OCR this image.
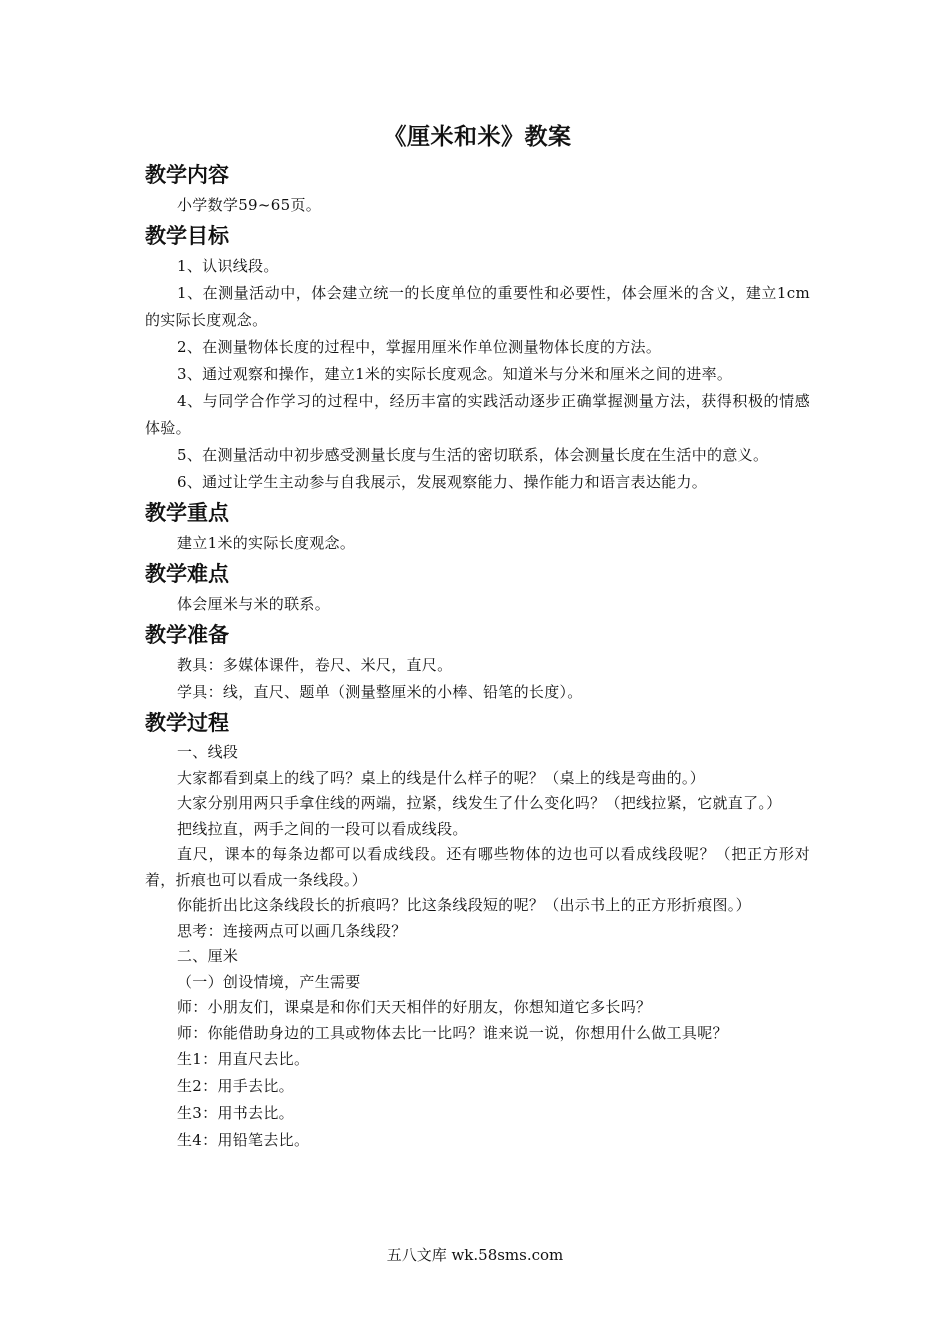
《厘米和米》教案
教学内容

小学数学59~65页。

教学目标

1、认识线段。

1、在测量活动中，体会建立统一的长度单位的重要性和必要性，体会厘米的含义，建立1cm的实际长度观念。

2、在测量物体长度的过程中，掌握用厘米作单位测量物体长度的方法。

3、通过观察和操作，建立1米的实际长度观念。知道米与分米和厘米之间的进率。

4、与同学合作学习的过程中，经历丰富的实践活动逐步正确掌握测量方法，获得积极的情感体验。

5、在测量活动中初步感受测量长度与生活的密切联系，体会测量长度在生活中的意义。

6、通过让学生主动参与自我展示，发展观察能力、操作能力和语言表达能力。

教学重点

建立1米的实际长度观念。

教学难点

体会厘米与米的联系。

教学准备

教具：多媒体课件，卷尺、米尺，直尺。

学具：线，直尺、题单（测量整厘米的小棒、铅笔的长度）。

教学过程

一、线段

大家都看到桌上的线了吗？桌上的线是什么样子的呢？（桌上的线是弯曲的。）

大家分别用两只手拿住线的两端，拉紧，线发生了什么变化吗？（把线拉紧，它就直了。）

把线拉直，两手之间的一段可以看成线段。

直尺，课本的每条边都可以看成线段。还有哪些物体的边也可以看成线段呢？（把正方形对着，折痕也可以看成一条线段。）

你能折出比这条线段长的折痕吗？比这条线段短的呢？（出示书上的正方形折痕图。）

思考：连接两点可以画几条线段？

二、厘米

（一）创设情境，产生需要

师：小朋友们，课桌是和你们天天相伴的好朋友，你想知道它多长吗？

师：你能借助身边的工具或物体去比一比吗？谁来说一说，你想用什么做工具呢？

生1：用直尺去比。

生2：用手去比。

生3：用书去比。

生4：用铅笔去比。

五八文库 wk.58sms.com
